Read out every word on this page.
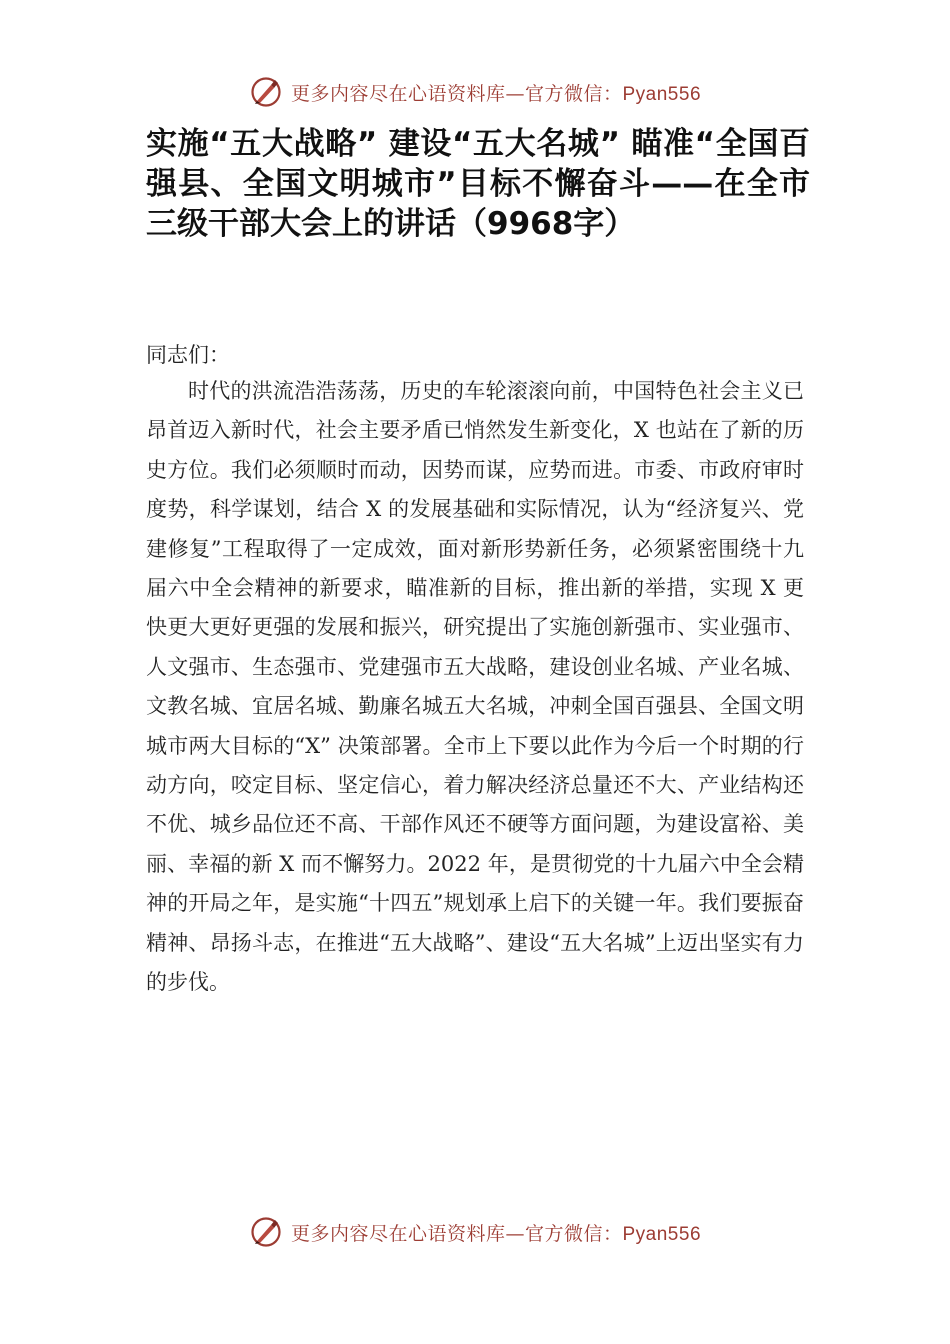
更多内容尽在心语资料库—官方微信：Pyan556
实施“五大战略” 建设“五大名城” 瞄准“全国百强县、全国文明城市”目标不懈奋斗——在全市三级干部大会上的讲话（9968字）

同志们：

时代的洪流浩浩荡荡，历史的车轮滚滚向前，中国特色社会主义已昂首迈入新时代，社会主要矛盾已悄然发生新变化，X 也站在了新的历史方位。我们必须顺时而动，因势而谋，应势而进。市委、市政府审时度势，科学谋划，结合 X 的发展基础和实际情况，认为“经济复兴、党建修复”工程取得了一定成效，面对新形势新任务，必须紧密围绕十九届六中全会精神的新要求，瞄准新的目标，推出新的举措，实现 X 更快更大更好更强的发展和振兴，研究提出了实施创新强市、实业强市、人文强市、生态强市、党建强市五大战略，建设创业名城、产业名城、文教名城、宜居名城、勤廉名城五大名城，冲刺全国百强县、全国文明城市两大目标的“X” 决策部署。全市上下要以此作为今后一个时期的行动方向，咬定目标、坚定信心，着力解决经济总量还不大、产业结构还不优、城乡品位还不高、干部作风还不硬等方面问题，为建设富裕、美丽、幸福的新 X 而不懈努力。2022 年，是贯彻党的十九届六中全会精神的开局之年，是实施“十四五”规划承上启下的关键一年。我们要振奋精神、昂扬斗志，在推进“五大战略”、建设“五大名城”上迈出坚实有力的步伐。

更多内容尽在心语资料库—官方微信：Pyan556
